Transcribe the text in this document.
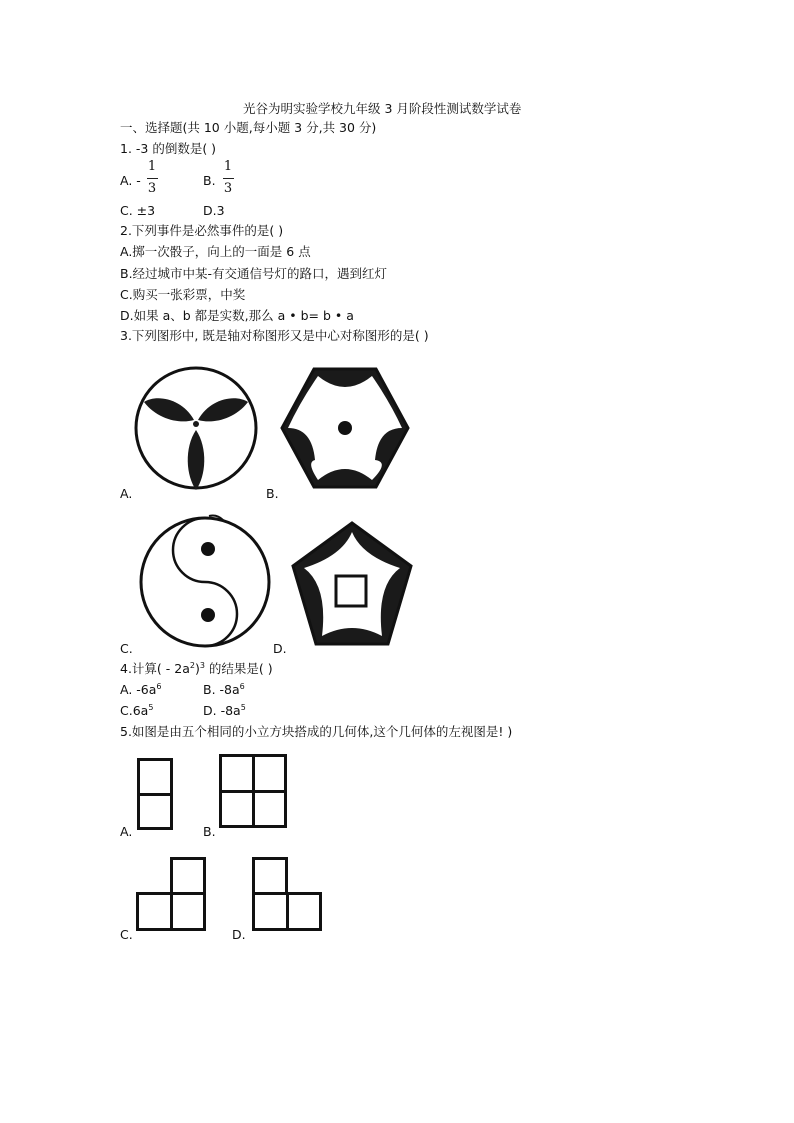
光谷为明实验学校九年级 3 月阶段性测试数学试卷
一、选择题(共 10 小题,每小题 3 分,共 30 分)
1. -3 的倒数是( )
A. -
1
3
B.
1
3
C. ±3	D.3
2.下列事件是必然事件的是( )
A.掷一次骰子，向上的一面是 6 点
B.经过城市中某-有交通信号灯的路口，遇到红灯
C.购买一张彩票，中奖
D.如果 a、b 都是实数,那么 a • b= b • a
3.下列图形中, 既是轴对称图形又是中心对称图形的是( )
A.	B.
C.	D.
4.计算( - $2a^2)^3$ 的结果是( )
A. $-6a^6$	B. $-8a^6$
$C.6a^5$	D. $-8a^5$
5.如图是由五个相同的小立方块搭成的几何体,这个几何体的左视图是! )
A.	B.
C.	D.
